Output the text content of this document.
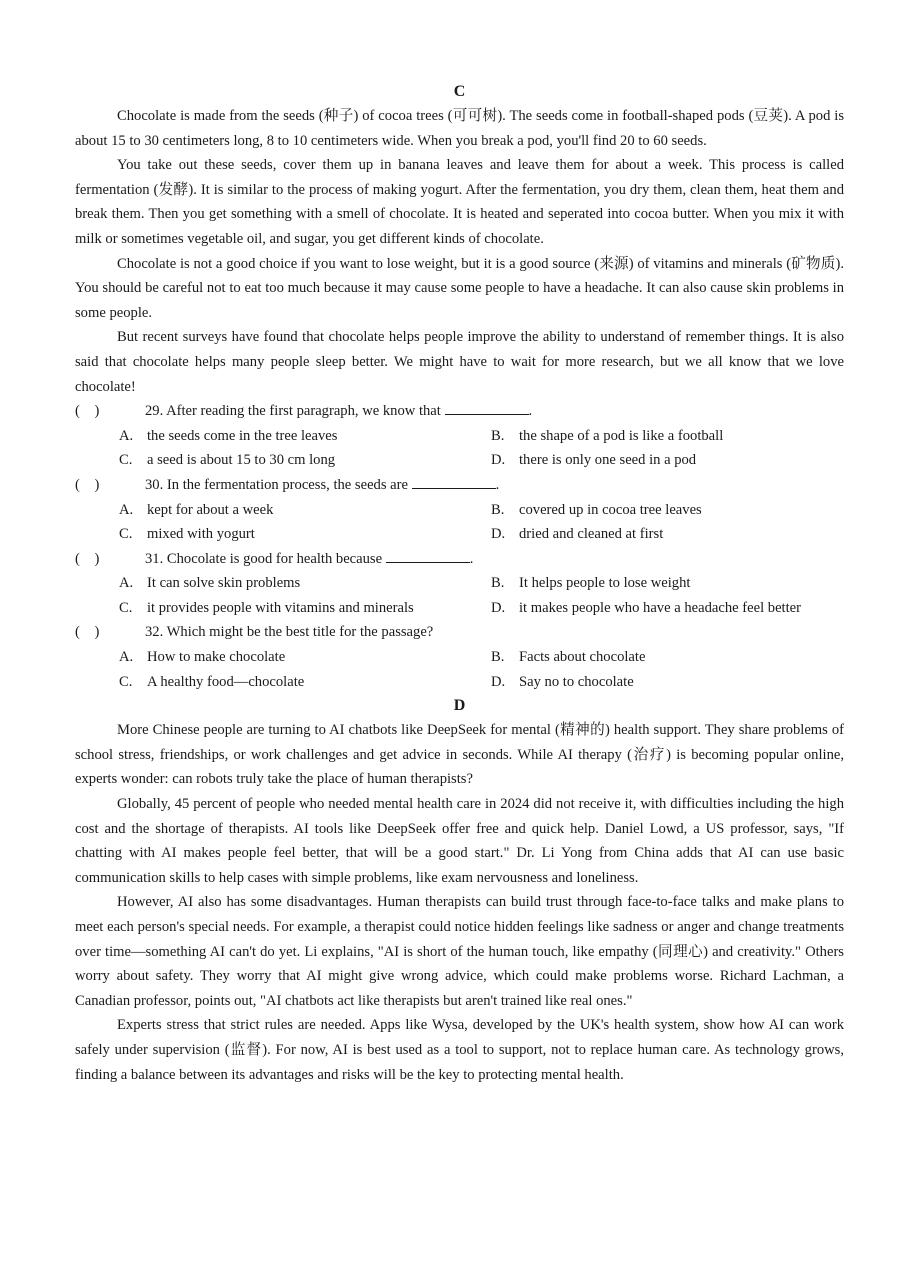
C

Chocolate is made from the seeds (种子) of cocoa trees (可可树). The seeds come in football-shaped pods (豆荚). A pod is about 15 to 30 centimeters long, 8 to 10 centimeters wide. When you break a pod, you'll find 20 to 60 seeds.

You take out these seeds, cover them up in banana leaves and leave them for about a week. This process is called fermentation (发酵). It is similar to the process of making yogurt. After the fermentation, you dry them, clean them, heat them and break them. Then you get something with a smell of chocolate. It is heated and seperated into cocoa butter. When you mix it with milk or sometimes vegetable oil, and sugar, you get different kinds of chocolate.

Chocolate is not a good choice if you want to lose weight, but it is a good source (来源) of vitamins and minerals (矿物质). You should be careful not to eat too much because it may cause some people to have a headache. It can also cause skin problems in some people.

But recent surveys have found that chocolate helps people improve the ability to understand of remember things. It is also said that chocolate helps many people sleep better. We might have to wait for more research, but we all know that we love chocolate!

(    )	29. After reading the first paragraph, we know that	.
A. the seeds come in the tree leaves	B. the shape of a pod is like a football
C. a seed is about 15 to 30 cm long	D. there is only one seed in a pod
(    )	30. In the fermentation process, the seeds are	.
A. kept for about a week	B. covered up in cocoa tree leaves
C. mixed with yogurt	D. dried and cleaned at first
(    )	31. Chocolate is good for health because	.
A. It can solve skin problems	B. It helps people to lose weight
C. it provides people with vitamins and minerals	D. it makes people who have a headache feel better
(    )	32. Which might be the best title for the passage?
A. How to make chocolate	B. Facts about chocolate
C. A healthy food—chocolate	D. Say no to chocolate
D

More Chinese people are turning to AI chatbots like DeepSeek for mental (精神的) health support. They share problems of school stress, friendships, or work challenges and get advice in seconds. While AI therapy (治疗) is becoming popular online, experts wonder: can robots truly take the place of human therapists?

Globally, 45 percent of people who needed mental health care in 2024 did not receive it, with difficulties including the high cost and the shortage of therapists. AI tools like DeepSeek offer free and quick help. Daniel Lowd, a US professor, says, "If chatting with AI makes people feel better, that will be a good start." Dr. Li Yong from China adds that AI can use basic communication skills to help cases with simple problems, like exam nervousness and loneliness.

However, AI also has some disadvantages. Human therapists can build trust through face-to-face talks and make plans to meet each person's special needs. For example, a therapist could notice hidden feelings like sadness or anger and change treatments over time—something AI can't do yet. Li explains, "AI is short of the human touch, like empathy (同理心) and creativity." Others worry about safety. They worry that AI might give wrong advice, which could make problems worse. Richard Lachman, a Canadian professor, points out, "AI chatbots act like therapists but aren't trained like real ones."

Experts stress that strict rules are needed. Apps like Wysa, developed by the UK's health system, show how AI can work safely under supervision (监督). For now, AI is best used as a tool to support, not to replace human care. As technology grows, finding a balance between its advantages and risks will be the key to protecting mental health.
